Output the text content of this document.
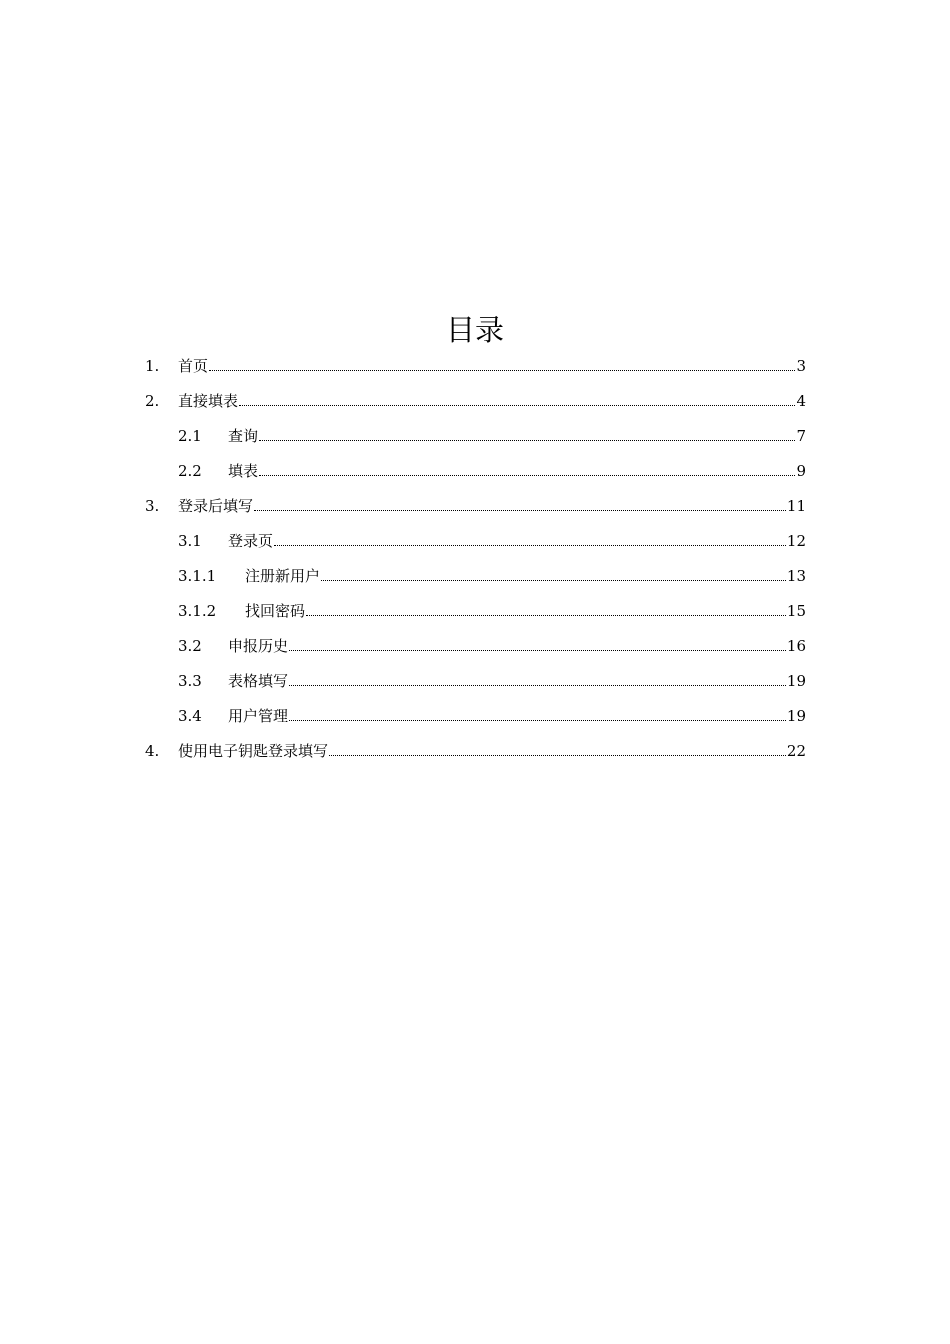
目录
1.	首页	3
2.	直接填表	4
2.1	查询	7
2.2	填表	9
3.	登录后填写	11
3.1	登录页	12
3.1.1	注册新用户	13
3.1.2	找回密码	15
3.2	申报历史	16
3.3	表格填写	19
3.4	用户管理	19
4.	使用电子钥匙登录填写	22
